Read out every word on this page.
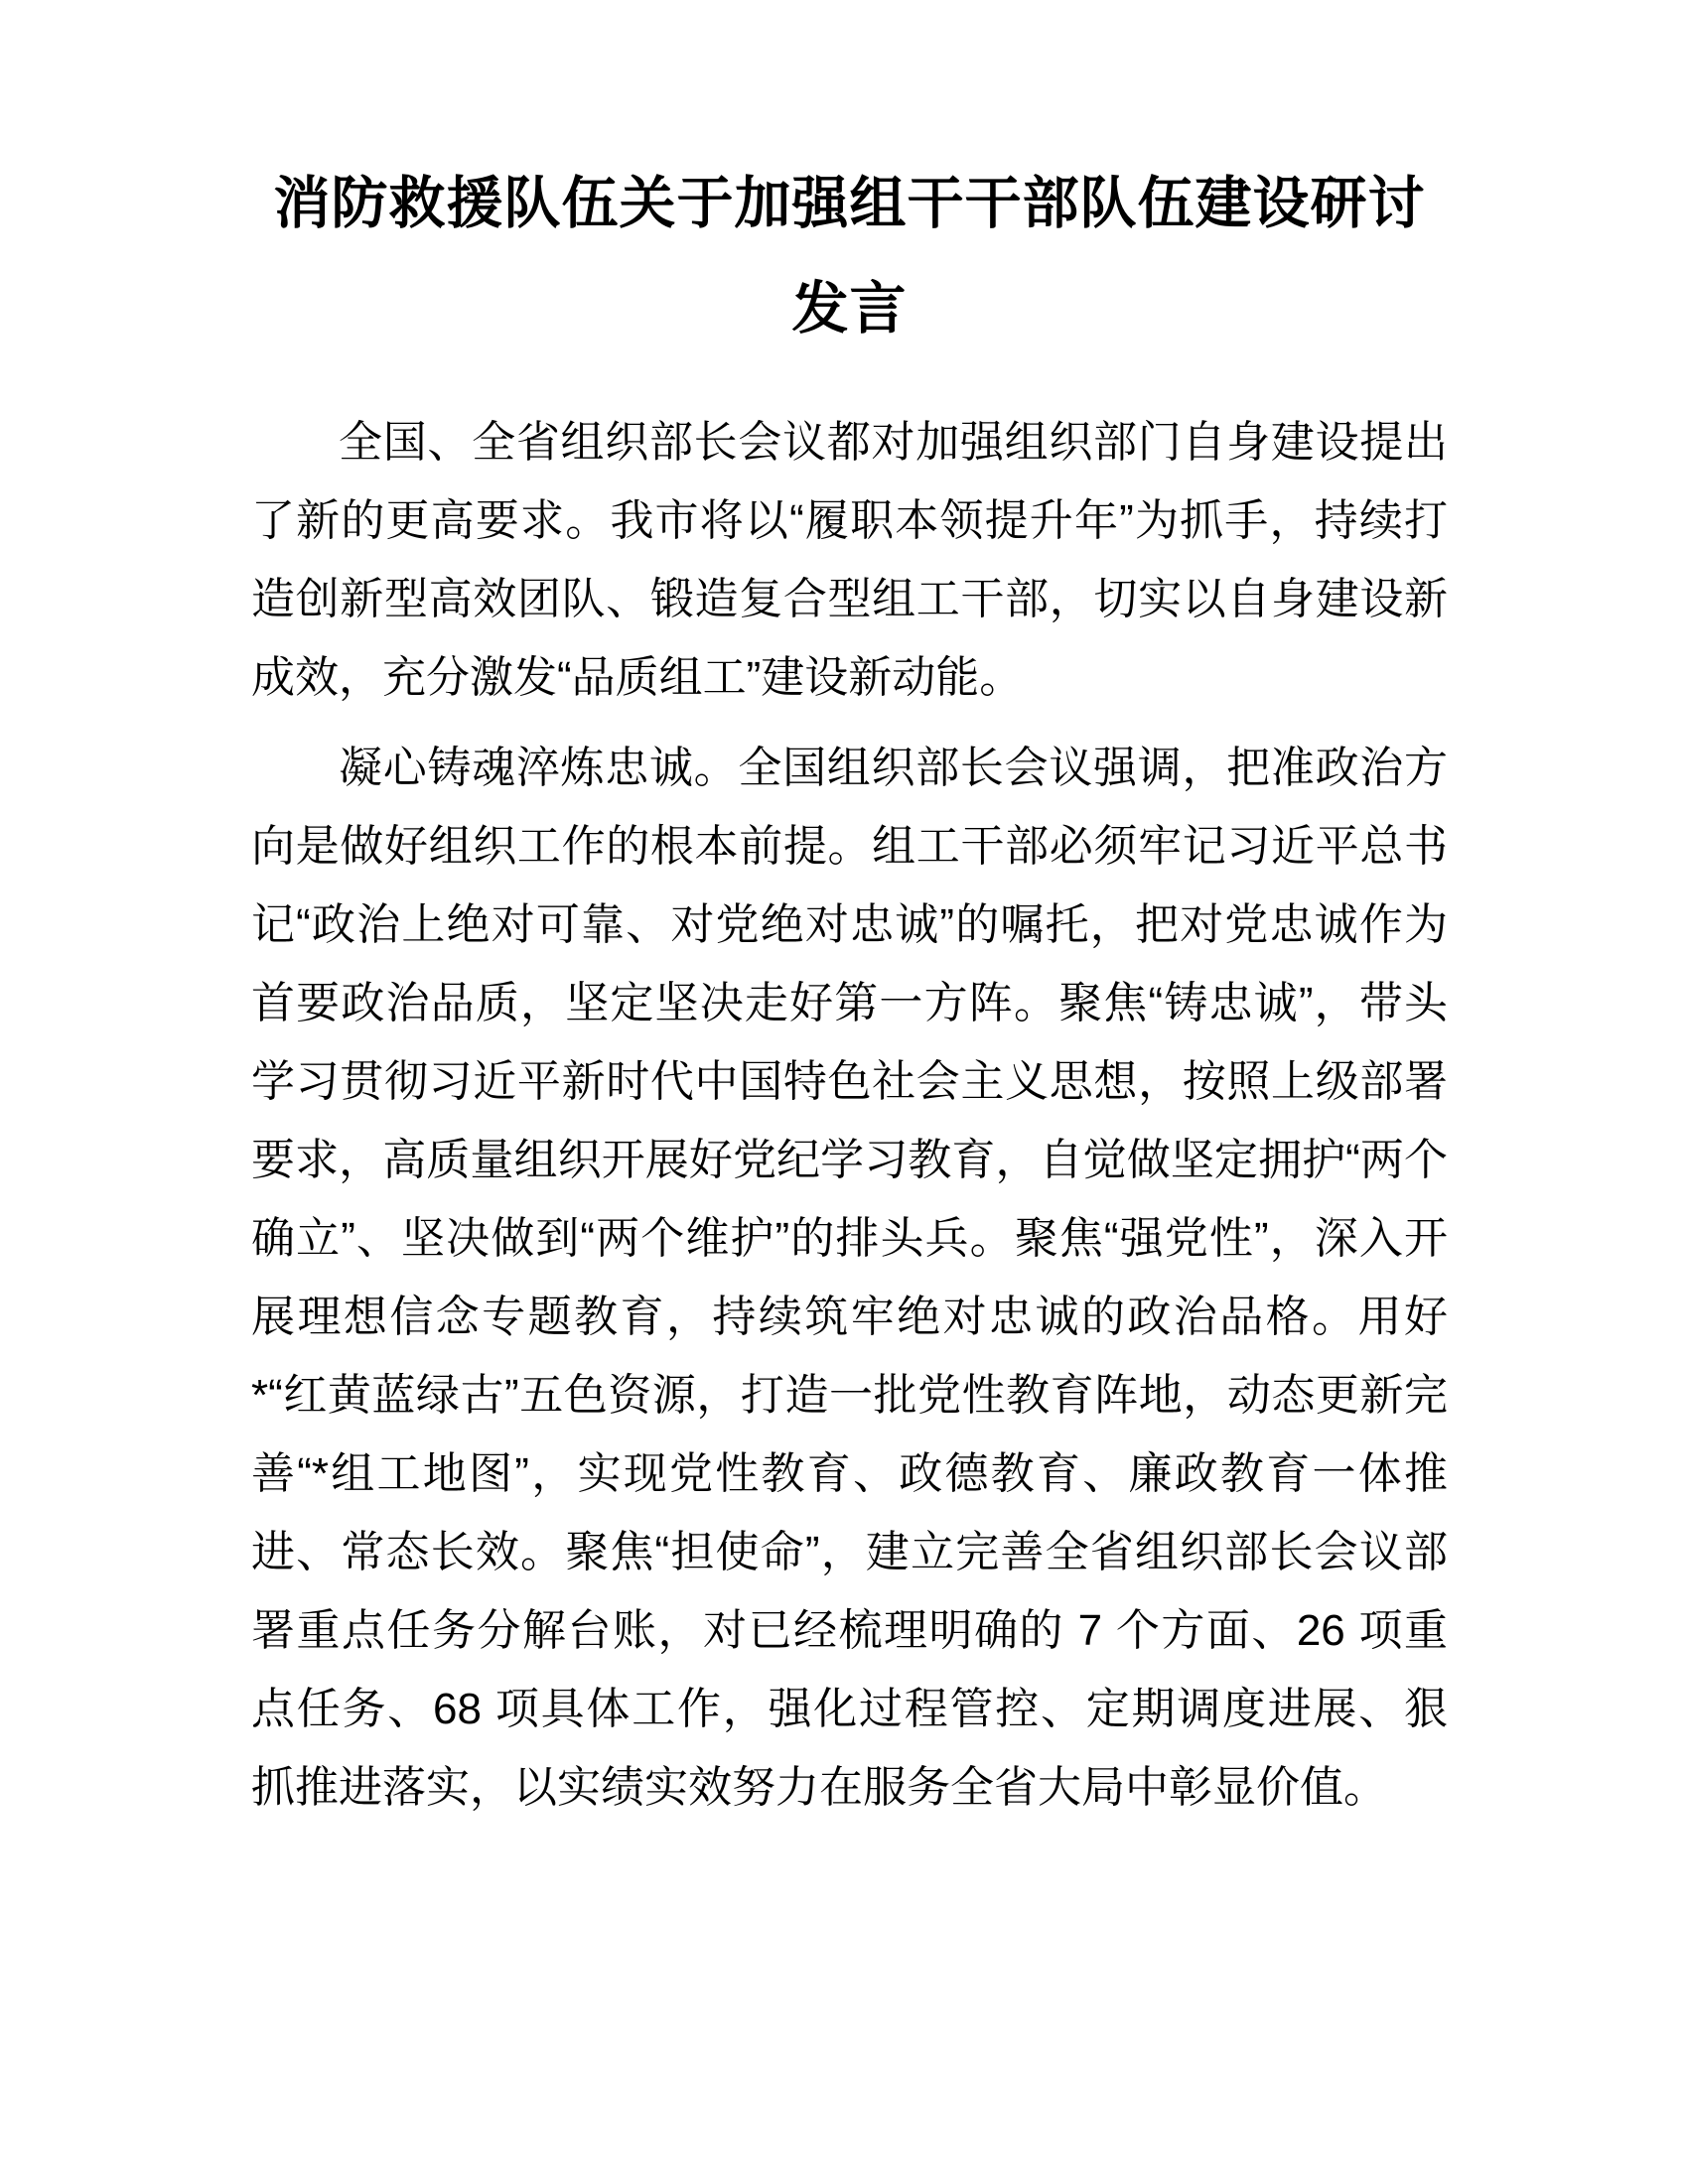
消防救援队伍关于加强组干干部队伍建设研讨发言

全国、全省组织部长会议都对加强组织部门自身建设提出了新的更高要求。我市将以“履职本领提升年”为抓手，持续打造创新型高效团队、锻造复合型组工干部，切实以自身建设新成效，充分激发“品质组工”建设新动能。

凝心铸魂淬炼忠诚。全国组织部长会议强调，把准政治方向是做好组织工作的根本前提。组工干部必须牢记习近平总书记“政治上绝对可靠、对党绝对忠诚”的嘱托，把对党忠诚作为首要政治品质，坚定坚决走好第一方阵。聚焦“铸忠诚”，带头学习贯彻习近平新时代中国特色社会主义思想，按照上级部署要求，高质量组织开展好党纪学习教育，自觉做坚定拥护“两个确立”、坚决做到“两个维护”的排头兵。聚焦“强党性”，深入开展理想信念专题教育，持续筑牢绝对忠诚的政治品格。用好*“红黄蓝绿古”五色资源，打造一批党性教育阵地，动态更新完善“*组工地图”，实现党性教育、政德教育、廉政教育一体推进、常态长效。聚焦“担使命”，建立完善全省组织部长会议部署重点任务分解台账，对已经梳理明确的 7 个方面、26 项重点任务、68 项具体工作，强化过程管控、定期调度进展、狠抓推进落实，以实绩实效努力在服务全省大局中彰显价值。
